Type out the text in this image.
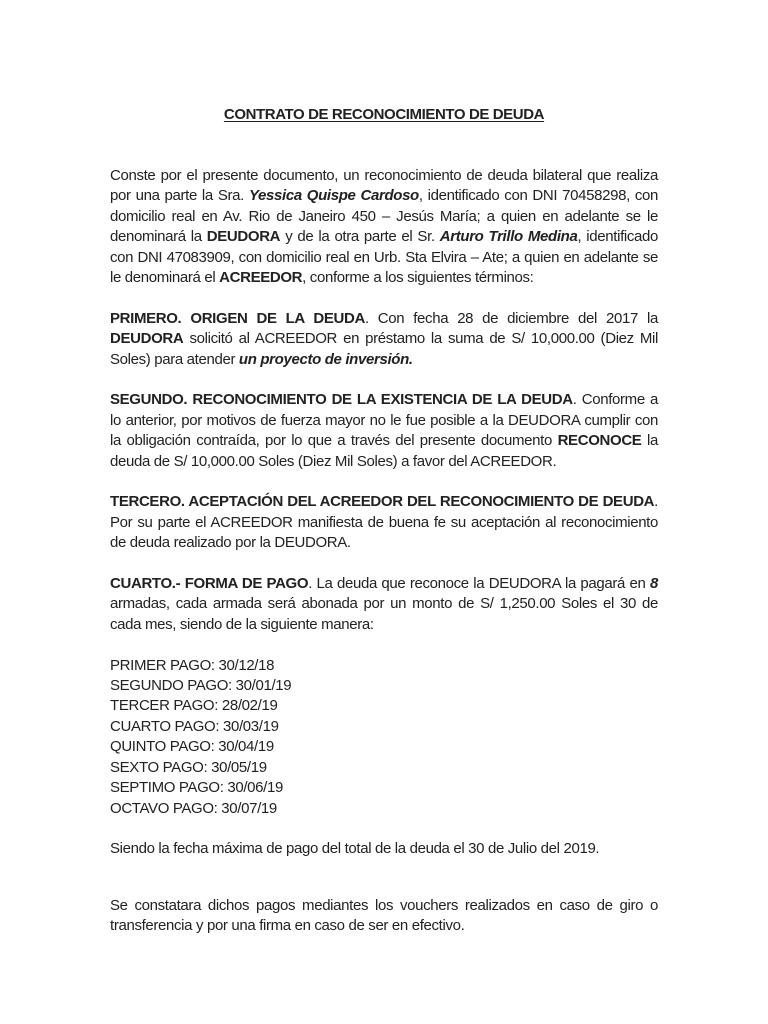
CONTRATO DE RECONOCIMIENTO DE DEUDA

Conste por el presente documento, un reconocimiento de deuda bilateral que realiza por una parte la Sra. Yessica Quispe Cardoso, identificado con DNI 70458298, con domicilio real en Av. Rio de Janeiro 450 – Jesús María; a quien en adelante se le denominará la DEUDORA y de la otra parte el Sr. Arturo Trillo Medina, identificado con DNI 47083909, con domicilio real en Urb. Sta Elvira – Ate; a quien en adelante se le denominará el ACREEDOR, conforme a los siguientes términos:

PRIMERO. ORIGEN DE LA DEUDA. Con fecha 28 de diciembre del 2017 la DEUDORA solicitó al ACREEDOR en préstamo la suma de S/ 10,000.00 (Diez Mil Soles) para atender un proyecto de inversión.

SEGUNDO. RECONOCIMIENTO DE LA EXISTENCIA DE LA DEUDA. Conforme a lo anterior, por motivos de fuerza mayor no le fue posible a la DEUDORA cumplir con la obligación contraída, por lo que a través del presente documento RECONOCE la deuda de S/ 10,000.00 Soles (Diez Mil Soles) a favor del ACREEDOR.

TERCERO. ACEPTACIÓN DEL ACREEDOR DEL RECONOCIMIENTO DE DEUDA. Por su parte el ACREEDOR manifiesta de buena fe su aceptación al reconocimiento de deuda realizado por la DEUDORA.

CUARTO.- FORMA DE PAGO. La deuda que reconoce la DEUDORA la pagará en 8 armadas, cada armada será abonada por un monto de S/ 1,250.00 Soles el 30 de cada mes, siendo de la siguiente manera:

PRIMER PAGO: 30/12/18
SEGUNDO PAGO: 30/01/19
TERCER PAGO: 28/02/19
CUARTO PAGO: 30/03/19
QUINTO PAGO: 30/04/19
SEXTO PAGO: 30/05/19
SEPTIMO PAGO: 30/06/19
OCTAVO PAGO: 30/07/19

Siendo la fecha máxima de pago del total de la deuda el 30 de Julio del 2019.

Se constatara dichos pagos mediantes los vouchers realizados en caso de giro o transferencia y por una firma en caso de ser en efectivo.
